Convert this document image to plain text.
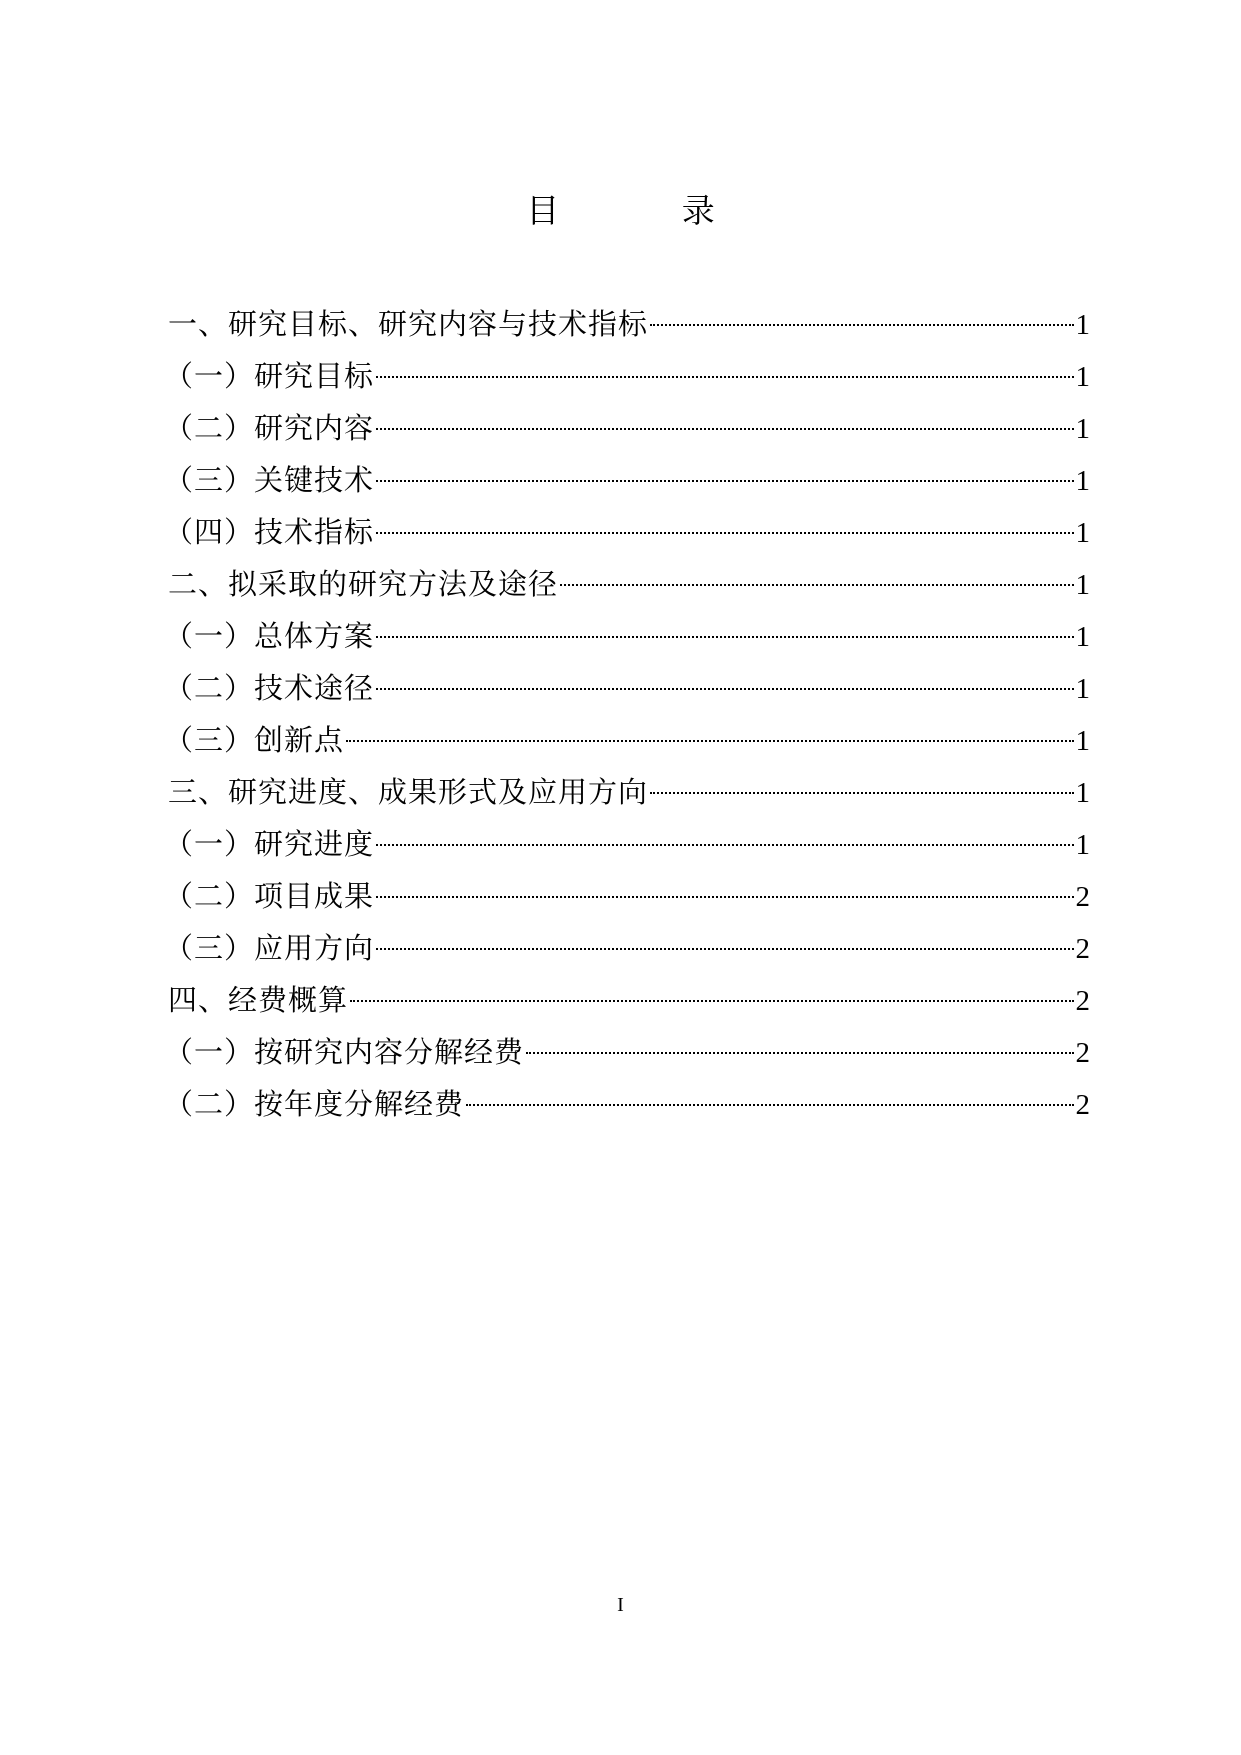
目 录
一、研究目标、研究内容与技术指标	1
（一）研究目标	1
（二）研究内容	1
（三）关键技术	1
（四）技术指标	1
二、拟采取的研究方法及途径	1
（一）总体方案	1
（二）技术途径	1
（三）创新点	1
三、研究进度、成果形式及应用方向	1
（一）研究进度	1
（二）项目成果	2
（三）应用方向	2
四、经费概算	2
（一）按研究内容分解经费	2
（二）按年度分解经费	2
I
